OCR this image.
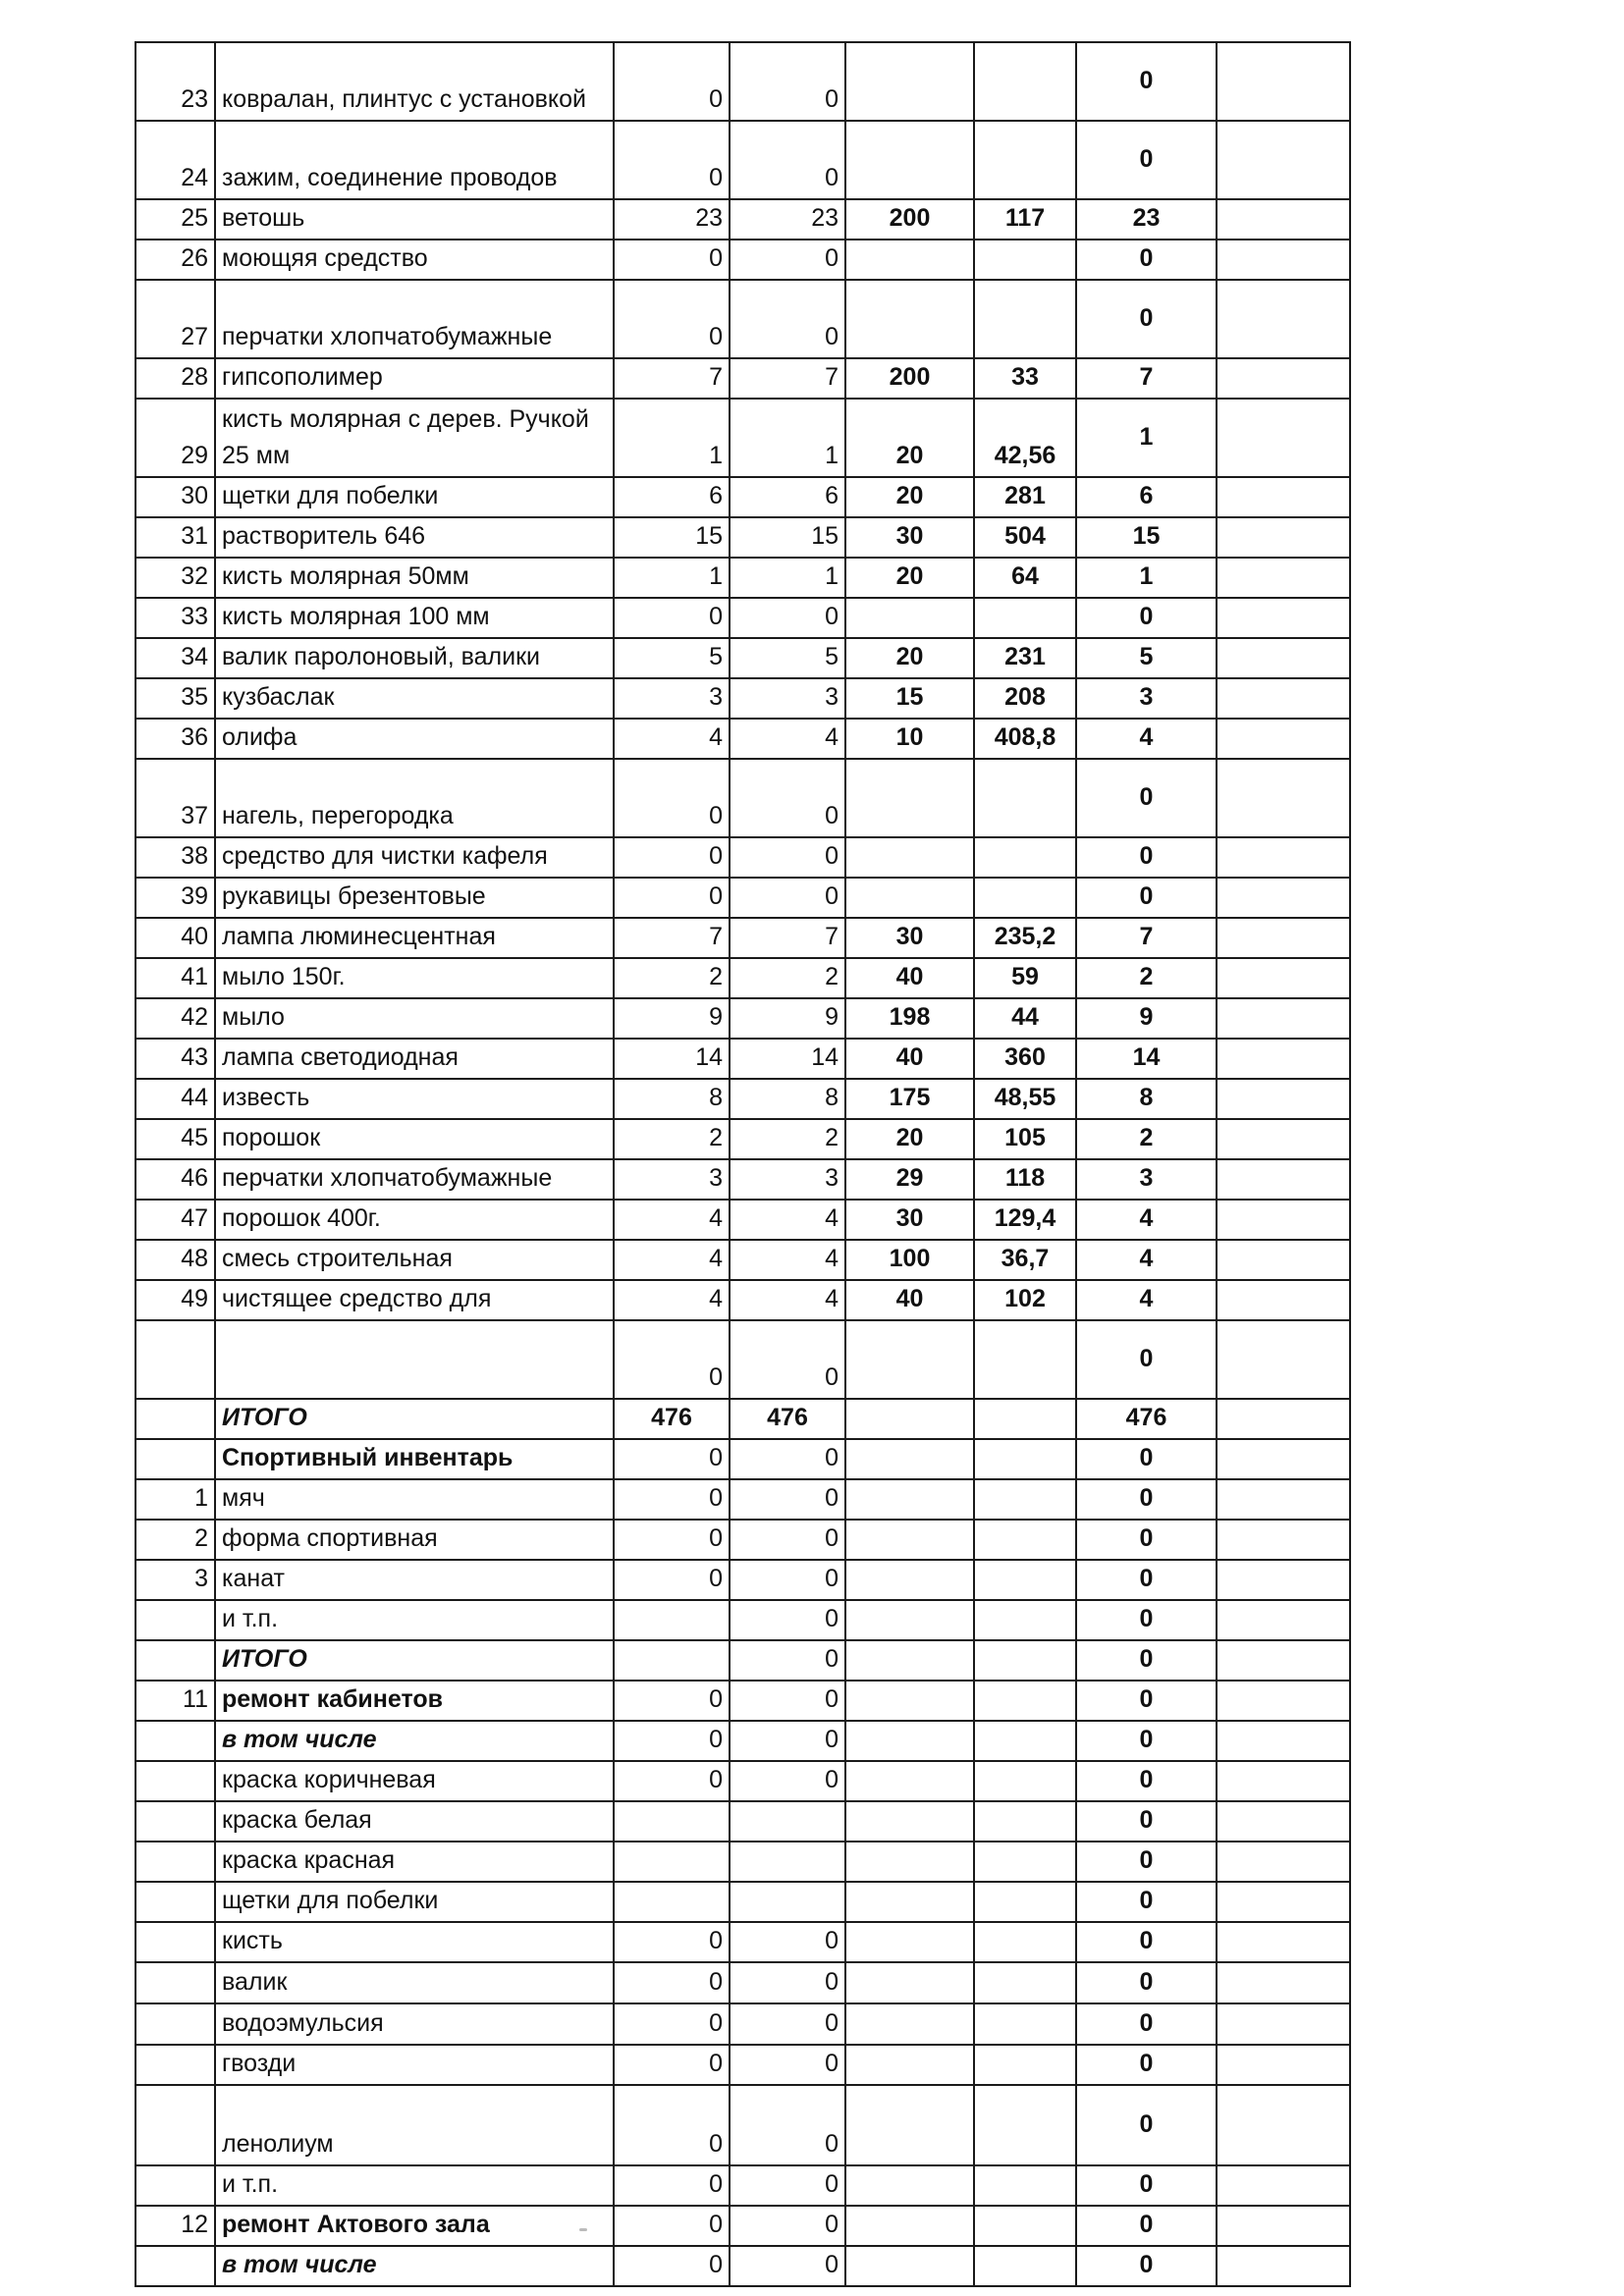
23	ковралан, плинтус с установкой	0	0			0	
24	зажим, соединение проводов	0	0			0	
25	ветошь	23	23	200	117	23	
26	моющяя средство	0	0			0	
27	перчатки хлопчатобумажные	0	0			0	
28	гипсополимер	7	7	200	33	7	
29	кисть молярная с дерев. Ручкой 25 мм	1	1	20	42,56	1	
30	щетки для побелки	6	6	20	281	6	
31	растворитель 646	15	15	30	504	15	
32	кисть молярная 50мм	1	1	20	64	1	
33	кисть молярная 100 мм	0	0			0	
34	валик паролоновый, валики	5	5	20	231	5	
35	кузбаслак	3	3	15	208	3	
36	олифа	4	4	10	408,8	4	
37	нагель, перегородка	0	0			0	
38	средство для чистки кафеля	0	0			0	
39	рукавицы брезентовые	0	0			0	
40	лампа люминесцентная	7	7	30	235,2	7	
41	мыло 150г.	2	2	40	59	2	
42	мыло	9	9	198	44	9	
43	лампа светодиодная	14	14	40	360	14	
44	известь	8	8	175	48,55	8	
45	порошок	2	2	20	105	2	
46	перчатки хлопчатобумажные	3	3	29	118	3	
47	порошок 400г.	4	4	30	129,4	4	
48	смесь строительная	4	4	100	36,7	4	
49	чистящее средство для	4	4	40	102	4	
		0	0			0	
	ИТОГО	476	476			476	
	Спортивный инвентарь	0	0			0	
1	мяч	0	0			0	
2	форма спортивная	0	0			0	
3	канат	0	0			0	
	и т.п.		0			0	
	ИТОГО		0			0	
11	ремонт кабинетов	0	0			0	
	в том числе	0	0			0	
	краска коричневая	0	0			0	
	краска белая					0	
	краска красная					0	
	щетки для побелки					0	
	кисть	0	0			0	
	валик	0	0			0	
	водоэмульсия	0	0			0	
	гвозди	0	0			0	
	ленолиум	0	0			0	
	и т.п.	0	0			0	
12	ремонт Актового зала	0	0			0	
	в том числе	0	0			0	
